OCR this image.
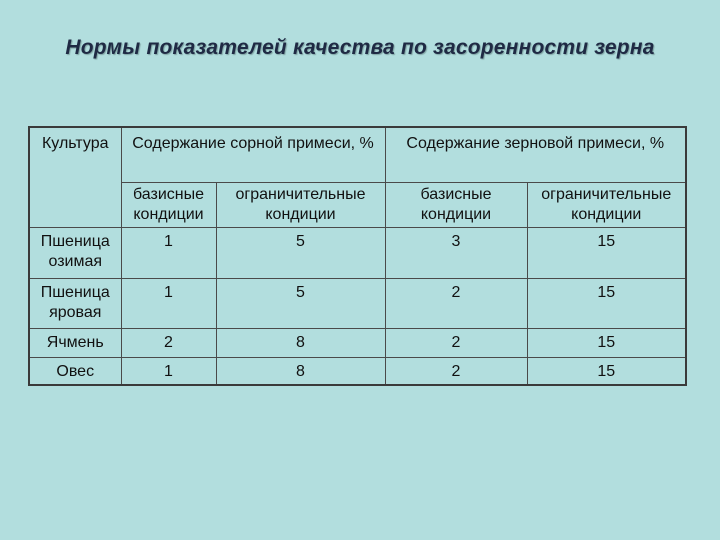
Нормы показателей качества по засоренности зерна
Культура	Содержание сорной примеси, %		Содержание зерновой примеси, %	
	базисные кондиции	ограничительные кондиции	базисные кондиции	ограничительные кондиции
Пшеница озимая	1	5	3	15
Пшеница яровая	1	5	2	15
Ячмень	2	8	2	15
Овес	1	8	2	15
